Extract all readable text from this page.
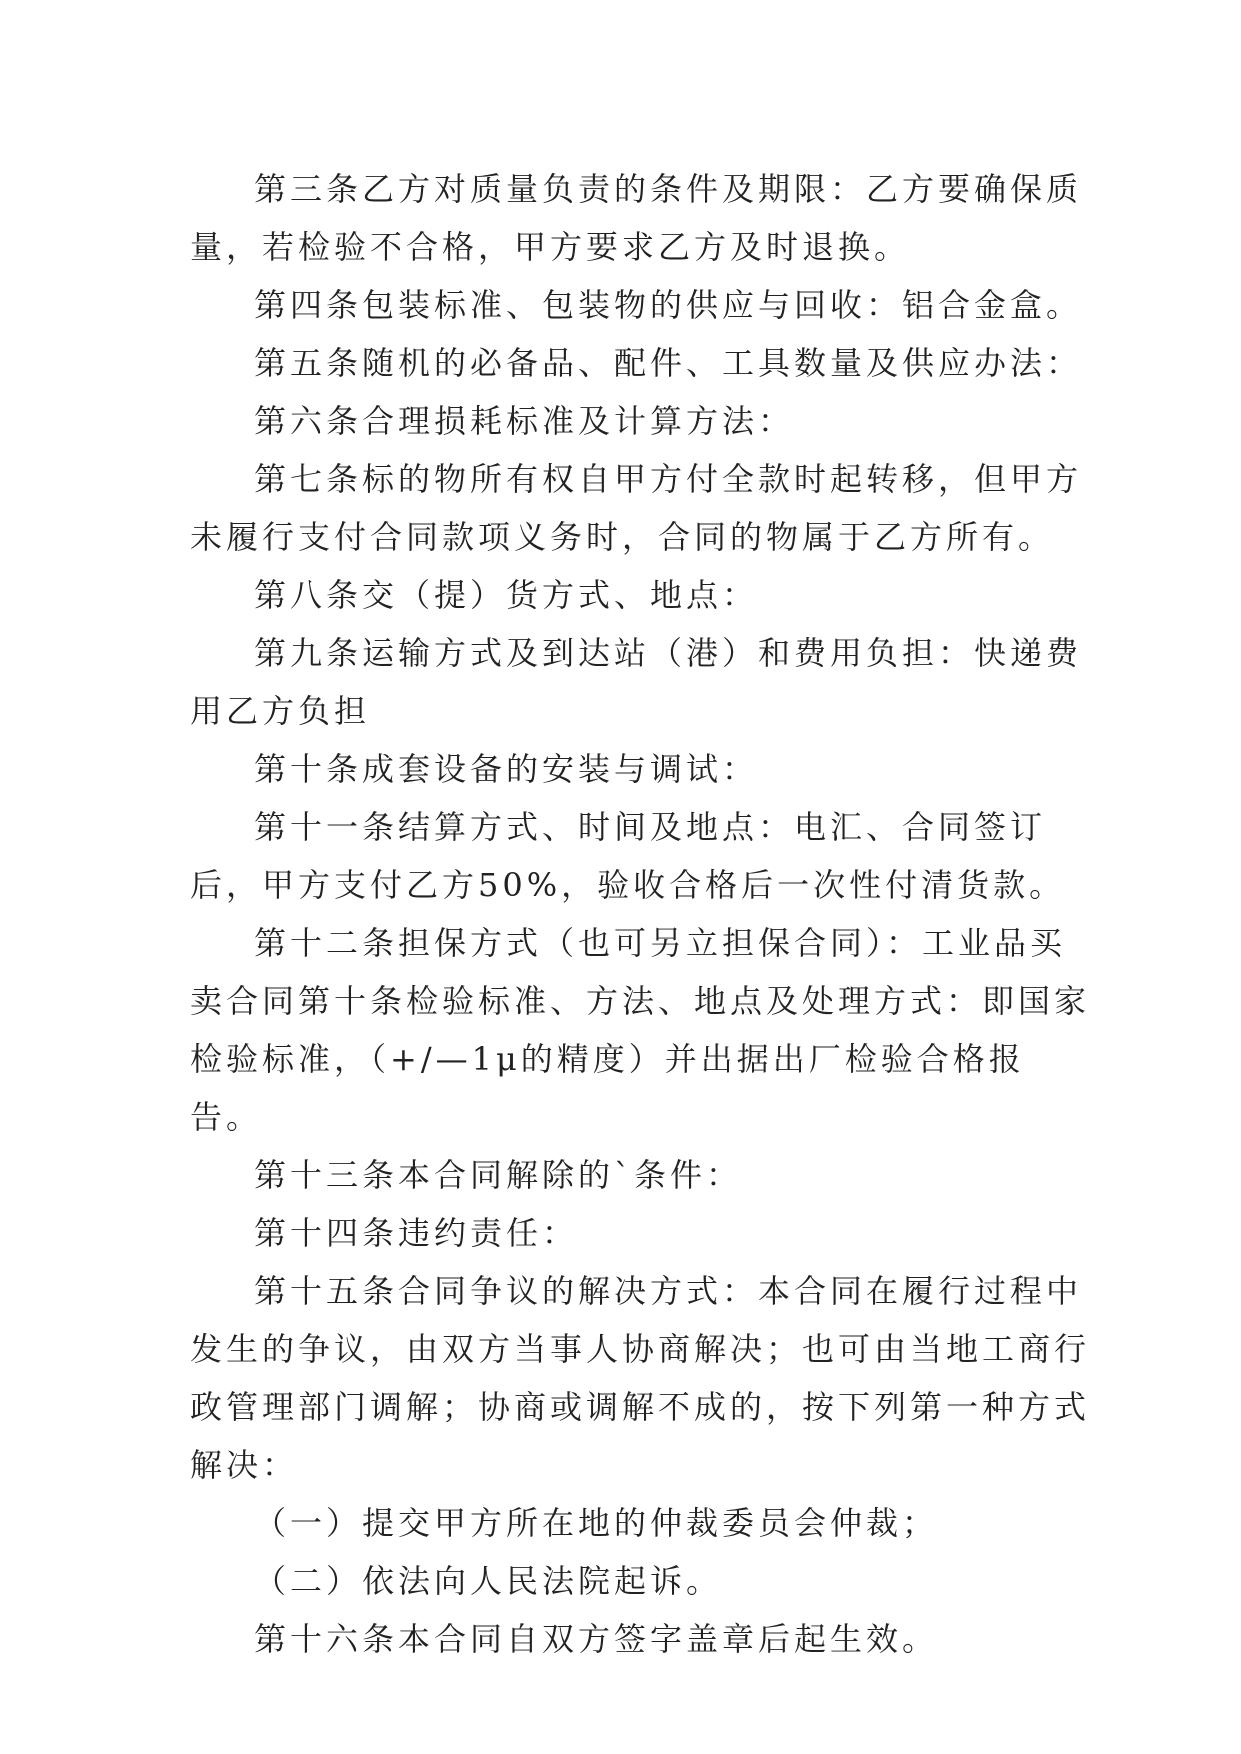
第三条乙方对质量负责的条件及期限：乙方要确保质量，若检验不合格，甲方要求乙方及时退换。

第四条包装标准、包装物的供应与回收：铝合金盒。

第五条随机的必备品、配件、工具数量及供应办法：

第六条合理损耗标准及计算方法：

第七条标的物所有权自甲方付全款时起转移，但甲方未履行支付合同款项义务时，合同的物属于乙方所有。

第八条交（提）货方式、地点：

第九条运输方式及到达站（港）和费用负担：快递费用乙方负担

第十条成套设备的安装与调试：

第十一条结算方式、时间及地点：电汇、合同签订后，甲方支付乙方50%，验收合格后一次性付清货款。

第十二条担保方式（也可另立担保合同）：工业品买卖合同第十条检验标准、方法、地点及处理方式：即国家检验标准，（+/—1μ的精度）并出据出厂检验合格报告。

第十三条本合同解除的`条件：

第十四条违约责任：

第十五条合同争议的解决方式：本合同在履行过程中发生的争议，由双方当事人协商解决；也可由当地工商行政管理部门调解；协商或调解不成的，按下列第一种方式解决：

（一）提交甲方所在地的仲裁委员会仲裁；

（二）依法向人民法院起诉。

第十六条本合同自双方签字盖章后起生效。
